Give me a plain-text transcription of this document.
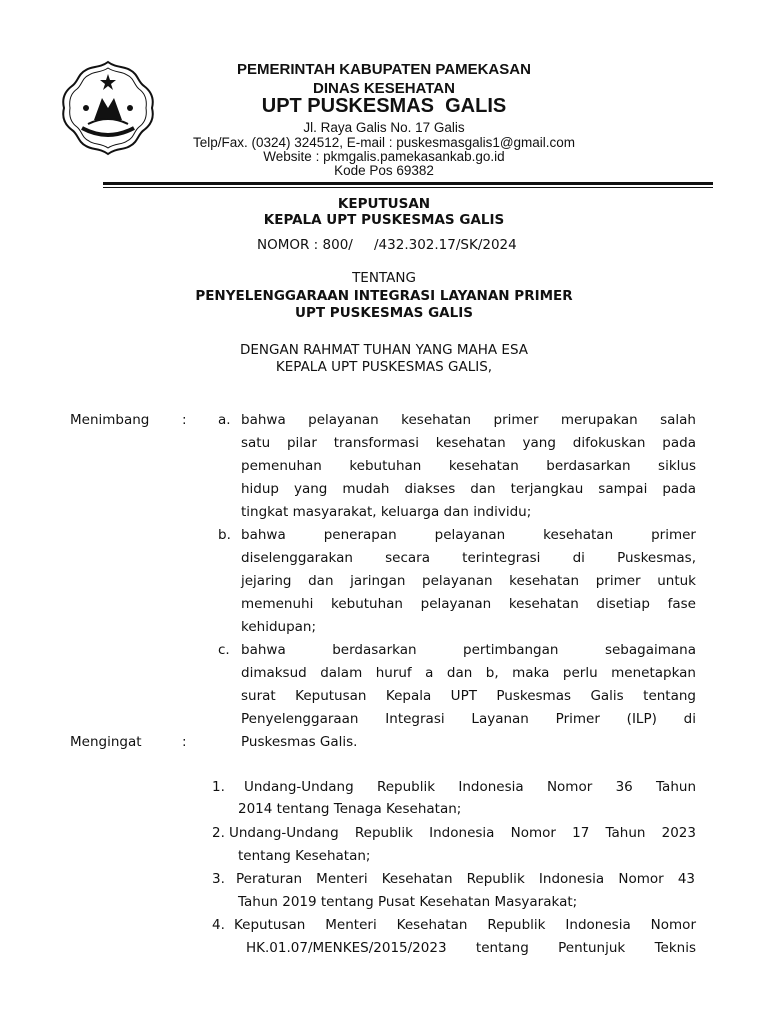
PEMERINTAH KABUPATEN PAMEKASAN
DINAS KESEHATAN
UPT PUSKESMAS  GALIS
Jl. Raya Galis No. 17 Galis
Telp/Fax. (0324) 324512, E-mail : puskesmasgalis1@gmail.com
Website : pkmgalis.pamekasankab.go.id
Kode Pos 69382
KEPUTUSAN
KEPALA UPT PUSKESMAS GALIS
NOMOR : 800/ /432.302.17/SK/2024
TENTANG
PENYELENGGARAAN INTEGRASI LAYANAN PRIMER
UPT PUSKESMAS GALIS
DENGAN RAHMAT TUHAN YANG MAHA ESA
KEPALA UPT PUSKESMAS GALIS,
Menimbang : a. bahwa pelayanan kesehatan primer merupakan salah
satu pilar transformasi kesehatan yang difokuskan pada
pemenuhan kebutuhan kesehatan berdasarkan siklus
hidup yang mudah diakses dan terjangkau sampai pada
tingkat masyarakat, keluarga dan individu;
b. bahwa penerapan pelayanan kesehatan primer
diselenggarakan secara terintegrasi di Puskesmas,
jejaring dan jaringan pelayanan kesehatan primer untuk
memenuhi kebutuhan pelayanan kesehatan disetiap fase
kehidupan;
c. bahwa berdasarkan pertimbangan sebagaimana
dimaksud dalam huruf a dan b, maka perlu menetapkan
surat Keputusan Kepala UPT Puskesmas Galis tentang
Penyelenggaraan Integrasi Layanan Primer (ILP) di
Puskesmas Galis.
Mengingat	:
1. Undang-Undang Republik Indonesia Nomor 36 Tahun
2014 tentang Tenaga Kesehatan;
2. Undang-Undang Republik Indonesia Nomor 17 Tahun 2023
tentang Kesehatan;
3. Peraturan Menteri Kesehatan Republik Indonesia Nomor 43
Tahun 2019 tentang Pusat Kesehatan Masyarakat;
4. Keputusan Menteri Kesehatan Republik Indonesia Nomor
HK.01.07/MENKES/2015/2023 tentang Pentunjuk Teknis
